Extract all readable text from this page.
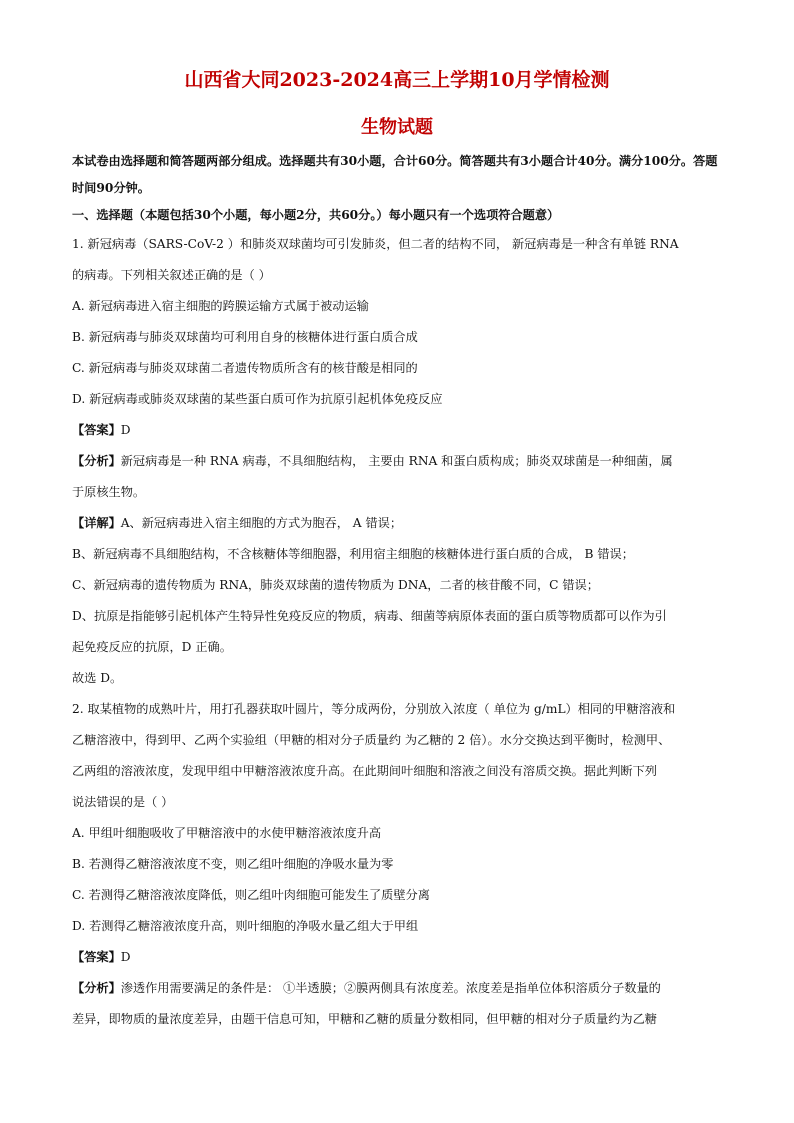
山西省大同2023-2024高三上学期10月学情检测
生物试题

本试卷由选择题和简答题两部分组成。选择题共有30小题，合计60分。简答题共有3小题合计40分。满分100分。答题时间90分钟。

一、选择题（本题包括30个小题，每小题2分，共60分。）每小题只有一个选项符合题意）

1. 新冠病毒（SARS-CoV-2 ）和肺炎双球菌均可引发肺炎，但二者的结构不同， 新冠病毒是一种含有单链 RNA

的病毒。下列相关叙述正确的是（ ）

A. 新冠病毒进入宿主细胞的跨膜运输方式属于被动运输

B. 新冠病毒与肺炎双球菌均可利用自身的核糖体进行蛋白质合成

C. 新冠病毒与肺炎双球菌二者遗传物质所含有的核苷酸是相同的

D. 新冠病毒或肺炎双球菌的某些蛋白质可作为抗原引起机体免疫反应

【 答案 】 D

【 分析 】 新冠病毒是一种 RNA 病毒，不具细胞结构， 主要由 RNA 和蛋白质构成；肺炎双球菌是一种细菌，属

于原核生物。

【 详解 】 A、新冠病毒进入宿主细胞的方式为胞吞， A 错误；

B、新冠病毒不具细胞结构，不含核糖体等细胞器，利用宿主细胞的核糖体进行蛋白质的合成， B 错误；

C、新冠病毒的遗传物质为 RNA，肺炎双球菌的遗传物质为 DNA，二者的核苷酸不同，C 错误；

D、抗原是指能够引起机体产生特异性免疫反应的物质，病毒、细菌等病原体表面的蛋白质等物质都可以作为引

起免疫反应的抗原，D 正确。

故选 D。

2. 取某植物的成熟叶片，用打孔器获取叶圆片，等分成两份，分别放入浓度（ 单位为 g/mL）相同的甲糖溶液和

乙糖溶液中，得到甲、乙两个实验组（甲糖的相对分子质量约 为乙糖的 2 倍）。水分交换达到平衡时，检测甲、

乙两组的溶液浓度，发现甲组中甲糖溶液浓度升高。在此期间叶细胞和溶液之间没有溶质交换。据此判断下列

说法错误的是（ ）

A. 甲组叶细胞吸收了甲糖溶液中的水使甲糖溶液浓度升高

B. 若测得乙糖溶液浓度不变，则乙组叶细胞的净吸水量为零

C. 若测得乙糖溶液浓度降低，则乙组叶肉细胞可能发生了质壁分离

D. 若测得乙糖溶液浓度升高，则叶细胞的净吸水量乙组大于甲组

【 答案 】 D

【 分析 】 渗透作用需要满足的条件是： ①半透膜；②膜两侧具有浓度差。浓度差是指单位体积溶质分子数量的

差异，即物质的量浓度差异，由题干信息可知，甲糖和乙糖的质量分数相同，但甲糖的相对分子质量约为乙糖
